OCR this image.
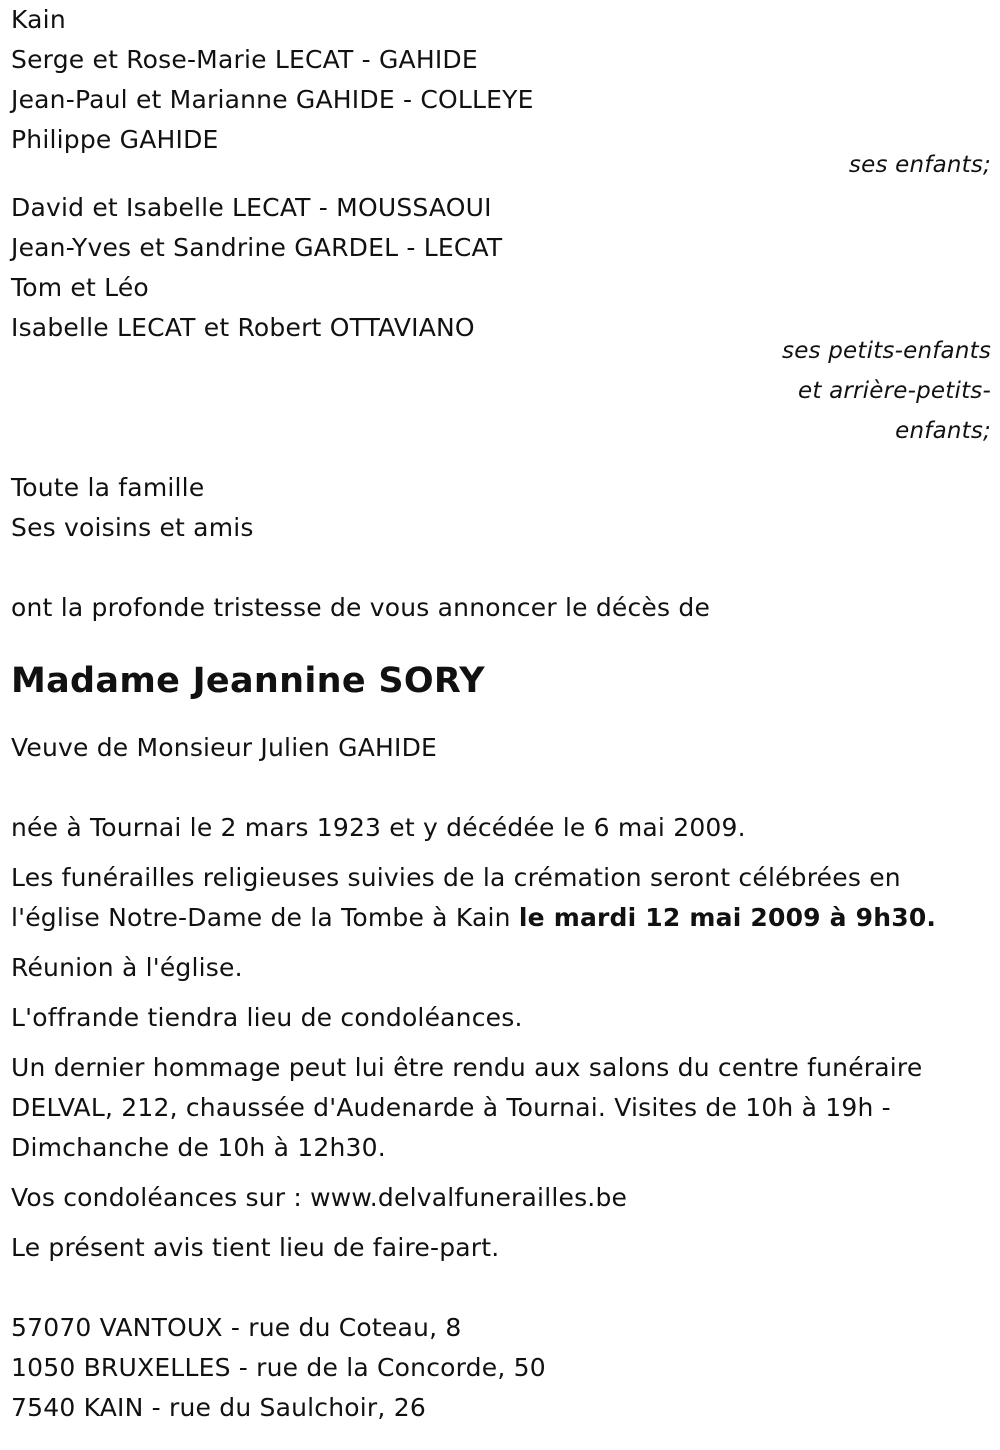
Kain
Serge et Rose-Marie LECAT - GAHIDE
Jean-Paul et Marianne GAHIDE - COLLEYE
Philippe GAHIDE
ses enfants;
David et Isabelle LECAT - MOUSSAOUI
Jean-Yves et Sandrine GARDEL - LECAT
Tom et Léo
Isabelle LECAT et Robert OTTAVIANO
ses petits-enfants
et arrière-petits-
enfants;
Toute la famille
Ses voisins et amis
ont la profonde tristesse de vous annoncer le décès de
Madame Jeannine SORY
Veuve de Monsieur Julien GAHIDE
née à Tournai le 2 mars 1923 et y décédée le 6 mai 2009.
Les funérailles religieuses suivies de la crémation seront célébrées en l'église Notre-Dame de la Tombe à Kain le mardi 12 mai 2009 à 9h30.
Réunion à l'église.
L'offrande tiendra lieu de condoléances.
Un dernier hommage peut lui être rendu aux salons du centre funéraire DELVAL, 212, chaussée d'Audenarde à Tournai. Visites de 10h à 19h - Dimchanche de 10h à 12h30.
Vos condoléances sur : www.delvalfunerailles.be
Le présent avis tient lieu de faire-part.
57070 VANTOUX - rue du Coteau, 8
1050 BRUXELLES - rue de la Concorde, 50
7540 KAIN - rue du Saulchoir, 26
